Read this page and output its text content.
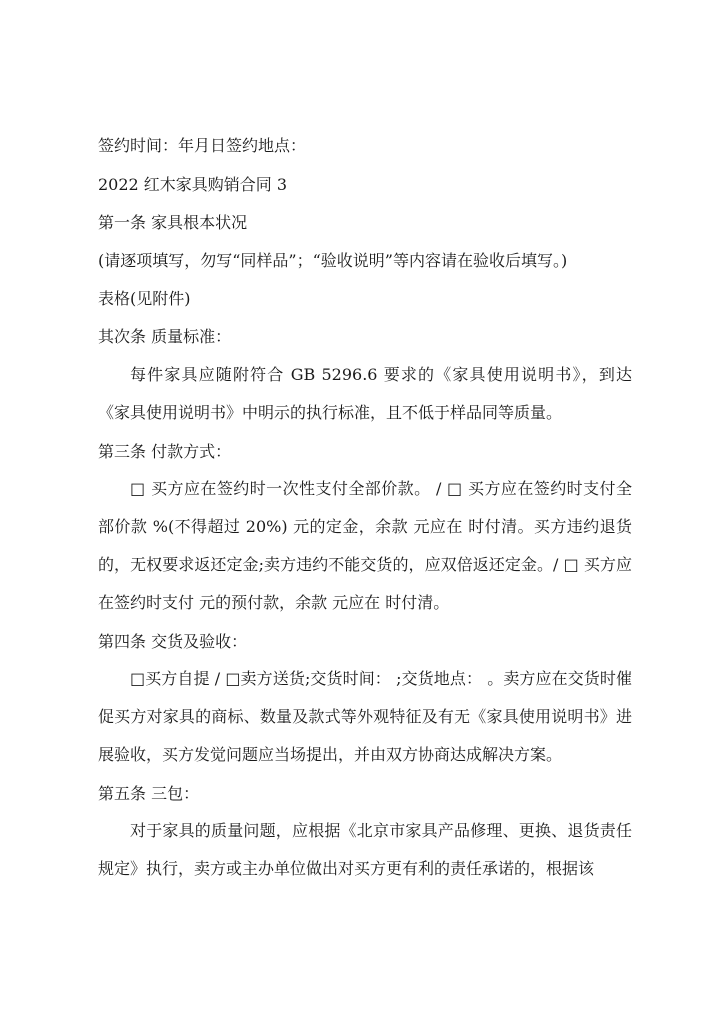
签约时间：年月日签约地点：
2022 红木家具购销合同 3
第一条 家具根本状况
(请逐项填写，勿写“同样品”；“验收说明”等内容请在验收后填写。)
表格(见附件)
其次条 质量标准：
每件家具应随附符合 GB 5296.6 要求的《家具使用说明书》，到达《家具使用说明书》中明示的执行标准，且不低于样品同等质量。
第三条 付款方式：
□ 买方应在签约时一次性支付全部价款。 / □ 买方应在签约时支付全部价款 %(不得超过 20%) 元的定金，余款 元应在 时付清。买方违约退货的，无权要求返还定金;卖方违约不能交货的，应双倍返还定金。/ □ 买方应在签约时支付 元的预付款，余款 元应在 时付清。
第四条 交货及验收：
□买方自提 / □卖方送货;交货时间： ;交货地点： 。卖方应在交货时催促买方对家具的商标、数量及款式等外观特征及有无《家具使用说明书》进展验收，买方发觉问题应当场提出，并由双方协商达成解决方案。
第五条 三包：
对于家具的质量问题，应根据《北京市家具产品修理、更换、退货责任规定》执行，卖方或主办单位做出对买方更有利的责任承诺的，根据该
